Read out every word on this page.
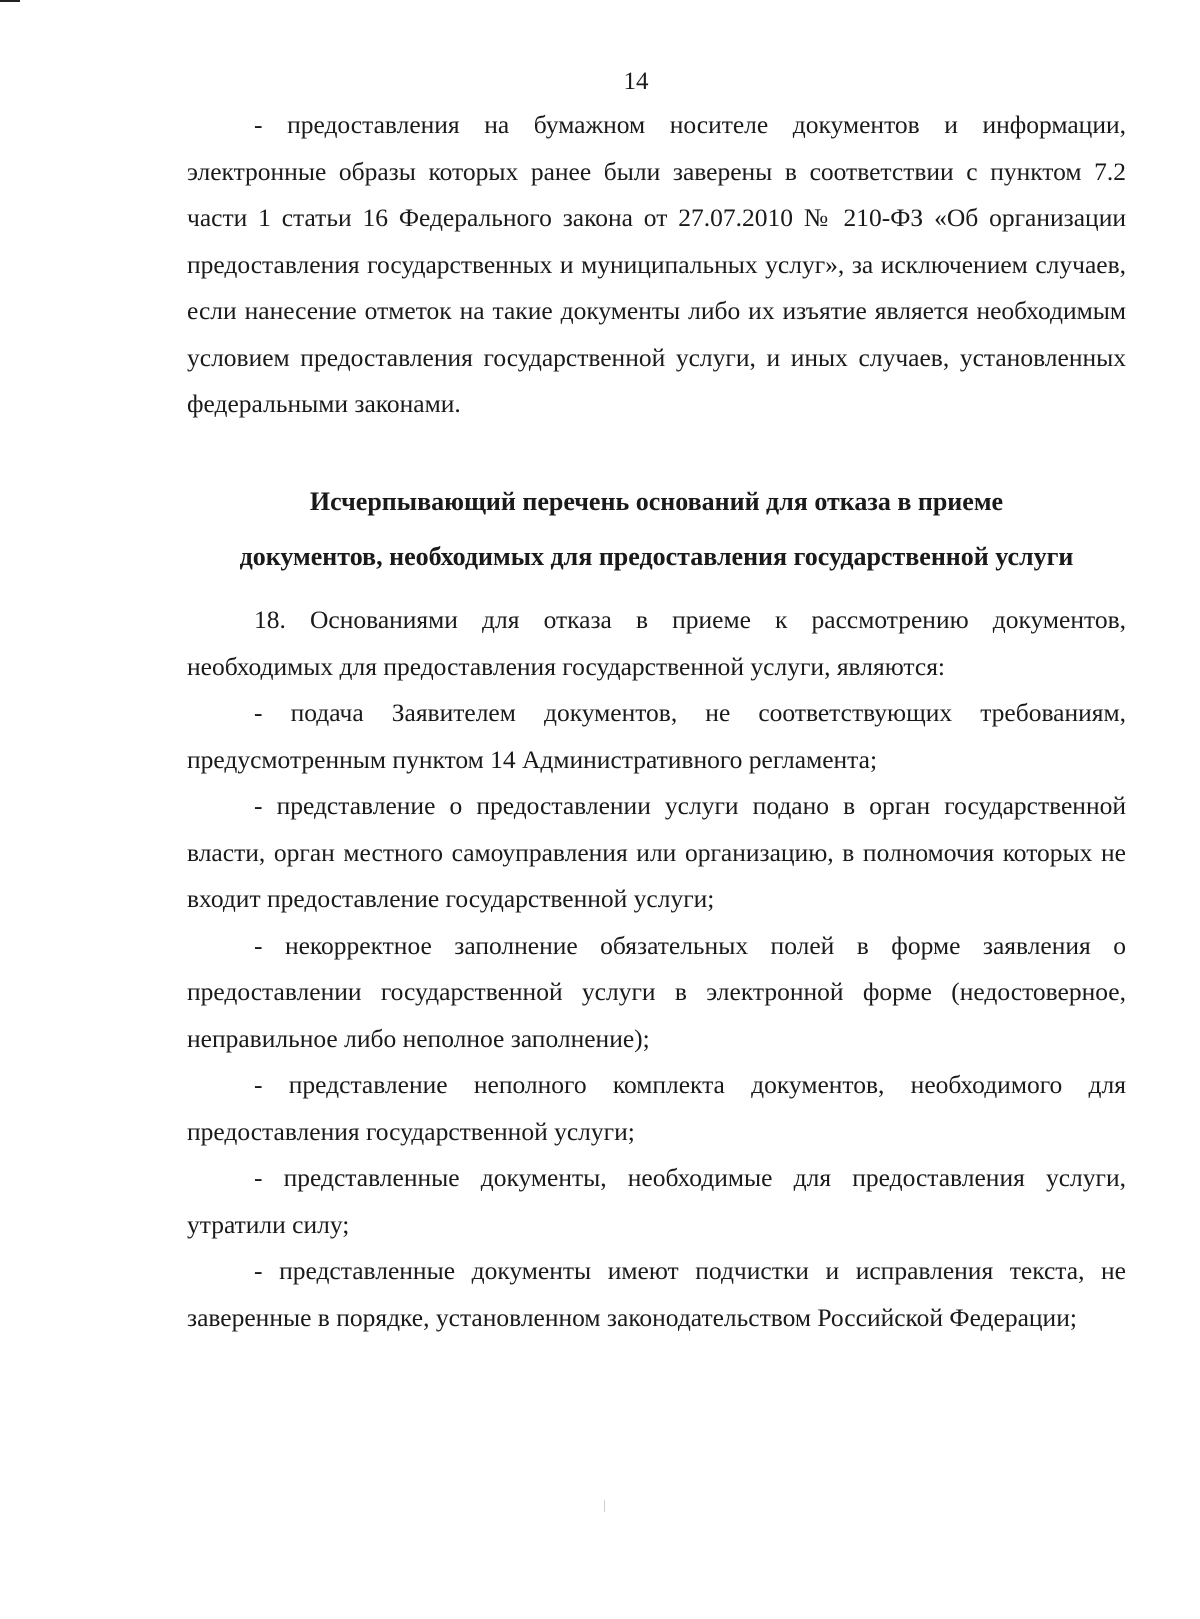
14

- предоставления на бумажном носителе документов и информации, электронные образы которых ранее были заверены в соответствии с пунктом 7.2 части 1 статьи 16 Федерального закона от 27.07.2010 № 210-ФЗ «Об организации предоставления государственных и муниципальных услуг», за исключением случаев, если нанесение отметок на такие документы либо их изъятие является необходимым условием предоставления государственной услуги, и иных случаев, установленных федеральными законами.

Исчерпывающий перечень оснований для отказа в приеме
документов, необходимых для предоставления государственной услуги

18. Основаниями для отказа в приеме к рассмотрению документов, необходимых для предоставления государственной услуги, являются:

- подача Заявителем документов, не соответствующих требованиям, предусмотренным пунктом 14 Административного регламента;

- представление о предоставлении услуги подано в орган государственной власти, орган местного самоуправления или организацию, в полномочия которых не входит предоставление государственной услуги;

- некорректное заполнение обязательных полей в форме заявления о предоставлении государственной услуги в электронной форме (недостоверное, неправильное либо неполное заполнение);

- представление неполного комплекта документов, необходимого для предоставления государственной услуги;

- представленные документы, необходимые для предоставления услуги, утратили силу;

- представленные документы имеют подчистки и исправления текста, не заверенные в порядке, установленном законодательством Российской Федерации;
